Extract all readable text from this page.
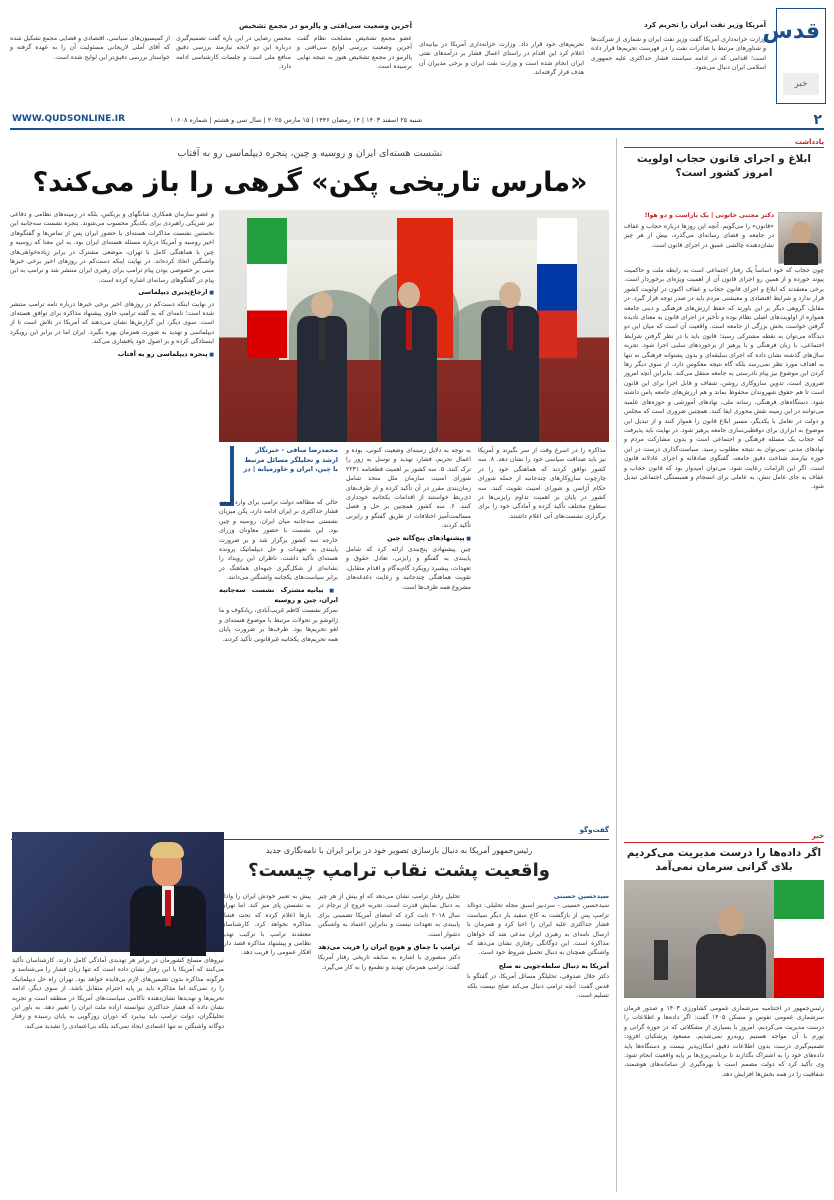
قدس
خبر
آمریکا وزیر نفت ایران را تحریم کرد

وزارت خزانه‌داری آمریکا گفت وزیر نفت ایران و شماری از شرکت‌ها و شناورهای مرتبط با صادرات نفت را در فهرست تحریم‌ها قرار داده است؛ اقدامی که در ادامه سیاست فشار حداکثری علیه جمهوری اسلامی ایران دنبال می‌شود.

تحریم‌های خود قرار داد. وزارت خزانه‌داری آمریکا در بیانیه‌ای اعلام کرد این اقدام در راستای اعمال فشار بر درآمدهای نفتی ایران انجام شده است و وزارت نفت ایران و برخی مدیران آن هدف قرار گرفته‌اند.

آخرین وضعیت سی‌افتی و پالرمو در مجمع تشخیص

عضو مجمع تشخیص مصلحت نظام گفت آخرین وضعیت بررسی لوایح سی‌افتی و پالرمو در مجمع تشخیص هنوز به نتیجه نهایی نرسیده است.

محسن رضایی در این باره گفت تصمیم‌گیری درباره این دو لایحه نیازمند بررسی دقیق منافع ملی است و جلسات کارشناسی ادامه دارد.

از کمیسیون‌های سیاسی، اقتصادی و قضایی مجمع تشکیل شده که آقای آملی لاریجانی مسئولیت آن را به عهده گرفته و خواستار بررسی دقیق‌تر این لوایح شده است.

۲
شنبه ۲۵ اسفند ۱۴۰۳ | ۱۴ رمضان ۱۴۴۶ | ۱۵ مارس ۲۰۲۵ | سال سی و هشتم | شماره ۱۰۶۰۸
WWW.QUDSONLINE.IR
یادداشت
ابلاغ و اجرای قانون حجاب اولویت امروز کشور است؟
دکتر مجتبی خاتونی | یک باراست و دو هوا!
«قانون» را می‌گویم. آنچه این روزها درباره حجاب و عفاف در جامعه و فضای رسانه‌ای می‌گذرد، بیش از هر چیز نشان‌دهنده چالشی عمیق در اجرای قانون است.
چون حجاب که خود اساساً یک رفتار اجتماعی است به رابطه ملت و حاکمیت پیوند خورده و از همین رو اجرای قانون آن از اهمیت ویژه‌ای برخوردار است. برخی معتقدند که ابلاغ و اجرای قانون حجاب و عفاف اکنون در اولویت کشور قرار ندارد و شرایط اقتصادی و معیشتی مردم باید در صدر توجه قرار گیرد. در مقابل، گروهی دیگر بر این باورند که حفظ ارزش‌های فرهنگی و دینی جامعه همواره از اولویت‌های اصلی نظام بوده و تأخیر در اجرای قانون به معنای نادیده گرفتن خواست بخش بزرگی از جامعه است. واقعیت آن است که میان این دو دیدگاه می‌توان به نقطه مشترکی رسید؛ قانون باید با در نظر گرفتن شرایط اجتماعی، با زبان فرهنگی و با پرهیز از برخوردهای سلبی اجرا شود. تجربه سال‌های گذشته نشان داده که اجرای سلیقه‌ای و بدون پشتوانه فرهنگی نه تنها به اهداف مورد نظر نمی‌رسد بلکه گاه نتیجه معکوس دارد. از سوی دیگر رها کردن این موضوع نیز پیام نادرستی به جامعه منتقل می‌کند. بنابراین آنچه امروز ضروری است، تدوین سازوکاری روشن، شفاف و قابل اجرا برای این قانون است تا هم حقوق شهروندان محفوظ بماند و هم ارزش‌های جامعه پاس داشته شود. دستگاه‌های فرهنگی، رسانه ملی، نهادهای آموزشی و حوزه‌های علمیه می‌توانند در این زمینه نقش محوری ایفا کنند. همچنین ضروری است که مجلس و دولت در تعامل با یکدیگر، مسیر ابلاغ قانون را هموار کنند و از تبدیل این موضوع به ابزاری برای دوقطبی‌سازی جامعه پرهیز شود. در نهایت باید پذیرفت که حجاب یک مسئله فرهنگی و اجتماعی است و بدون مشارکت مردم و نهادهای مدنی نمی‌توان به نتیجه مطلوب رسید. سیاست‌گذاری درست در این حوزه نیازمند شناخت دقیق جامعه، گفتگوی صادقانه و اجرای عادلانه قانون است. اگر این الزامات رعایت شود، می‌توان امیدوار بود که قانون حجاب و عفاف به جای عامل تنش، به عاملی برای انسجام و همبستگی اجتماعی تبدیل شود.
خبر
اگر داده‌ها را درست مدیریت می‌کردیم بلای گرانی سرمان نمی‌آمد
رئیس‌جمهور در اختتامیه سرشماری عمومی کشاورزی ۱۴۰۳ و صدور فرمان سرشماری عمومی نفوس و مسکن ۱۴۰۵ گفت: اگر داده‌ها و اطلاعات را درست مدیریت می‌کردیم، امروز با بسیاری از مشکلاتی که در حوزه گرانی و تورم با آن مواجه هستیم روبه‌رو نمی‌شدیم. مسعود پزشکیان افزود: تصمیم‌گیری درست بدون اطلاعات دقیق امکان‌پذیر نیست و دستگاه‌ها باید داده‌های خود را به اشتراک بگذارند تا برنامه‌ریزی‌ها بر پایه واقعیت انجام شود. وی تأکید کرد که دولت مصمم است با بهره‌گیری از سامانه‌های هوشمند، شفافیت را در همه بخش‌ها افزایش دهد.
نشست هسته‌ای ایران و روسیه و چین، پنجره دیپلماسی رو به آفتاب
«مارس تاریخی پکن» گرهی را باز می‌کند؟

و عضو سازمان همکاری شانگهای و بریکس، بلکه در زمینه‌های نظامی و دفاعی نیز شریکی راهبردی برای یکدیگر محسوب می‌شوند. پنجره نشست سه‌جانبه این نخستین نشست مذاکرات هسته‌ای با حضور ایران پس از تماس‌ها و گفتگوهای اخیر روسیه و آمریکا درباره مسئله هسته‌ای ایران بود. به این معنا که روسیه و چین با هماهنگی کامل با تهران، موضعی مشترک در برابر زیاده‌خواهی‌های واشنگتن اتخاذ کرده‌اند. در نهایت اینکه دست‌کم در روزهای اخیر برخی خبرها مبنی بر خصوصی بودن پیام ترامپ برای رهبری ایران منتشر شد و ترامپ به این پیام در گفتگوهای رسانه‌ای اشاره کرده است.

■ ارجاع‌پذیری دیپلماسی

در نهایت اینکه دست‌کم در روزهای اخیر برخی خبرها درباره نامه ترامپ منتشر شده است؛ نامه‌ای که به گفته ترامپ حاوی پیشنهاد مذاکره برای توافق هسته‌ای است. سوی دیگر، این گزارش‌ها نشان می‌دهند که آمریکا در تلاش است تا از دیپلماسی و تهدید به صورت همزمان بهره بگیرد. ایران اما در برابر این رویکرد ایستادگی کرده و بر اصول خود پافشاری می‌کند.

■ پنجره دیپلماسی رو به آفتاب

محمدرضا منافی - خبرنگار ارشد و تحلیلگر مسائل مرتبط با چین، ایران و خاورمیانه | در

حالی که مطالعه دولت ترامپ برای وارد کردن فشار حداکثری بر ایران ادامه دارد، پکن میزبان نشستی سه‌جانبه میان ایران، روسیه و چین بود. این نشست با حضور معاونان وزرای خارجه سه کشور برگزار شد و بر ضرورت پایبندی به تعهدات و حل دیپلماتیک پرونده هسته‌ای تأکید داشت. ناظران این رویداد را نشانه‌ای از شکل‌گیری جبهه‌ای هماهنگ در برابر سیاست‌های یکجانبه واشنگتن می‌دانند.

■ بیانیه مشترک نشست سه‌جانبه ایران، چین و روسیه

نمرکز نشست کاظم غریب‌آبادی، ریابکوف و ما ژائوشو بر تحولات مرتبط با موضوع هسته‌ای و لغو تحریم‌ها بود. طرف‌ها بر ضرورت پایان همه تحریم‌های یکجانبه غیرقانونی تأکید کردند.

به توجه به دلایل زمینه‌ای وضعیت کنونی، بوده و اعمال تحریم، فشار، تهدید و توسل به زور را ترک کنند. ۵. سه کشور بر اهمیت قطعنامه ۲۲۳۱ شورای امنیت سازمان ملل متحد شامل زمان‌بندی مقرر در آن تأکید کرده و از طرف‌های ذی‌ربط خواستند از اقدامات یکجانبه خودداری کنند. ۶. سه کشور همچنین بر حل و فصل مسالمت‌آمیز اختلافات از طریق گفتگو و رایزنی تأکید کردند.

■ پیشنهادهای پنج‌گانه چین

چین پیشنهادی پنج‌بندی ارائه کرد که شامل پایبندی به گفتگو و رایزنی، تعادل حقوق و تعهدات، پیشبرد رویکرد گام‌به‌گام و اقدام متقابل، تقویت هماهنگی چندجانبه و رعایت دغدغه‌های مشروع همه طرف‌ها است.

مذاکره را در اسرع وقت از سر بگیرند و آمریکا نیز باید صداقت سیاسی خود را نشان دهد. ۸. سه کشور توافق کردند که هماهنگی خود را در چارچوب سازوکارهای چندجانبه از جمله شورای حکام آژانس و شورای امنیت تقویت کنند. سه کشور در پایان بر اهمیت تداوم رایزنی‌ها در سطوح مختلف تأکید کرده و آمادگی خود را برای برگزاری نشست‌های آتی اعلام داشتند.

گفت‌وگو
رئیس‌جمهور آمریکا به دنبال بازسازی تصویر خود در برابر ایران با نامه‌نگاری جدید
واقعیت پشت نقاب ترامپ چیست؟

سید‌حسین حسینی

سید‌حسین حسینی - سردبیر اسبق مجله تحلیلی: دونالد ترامپ پس از بازگشت به کاخ سفید بار دیگر سیاست فشار حداکثری علیه ایران را احیا کرد و همزمان با ارسال نامه‌ای به رهبری ایران مدعی شد که خواهان مذاکره است. این دوگانگی رفتاری نشان می‌دهد که واشنگتن همچنان به دنبال تحمیل شروط خود است.

آمریکا به دنبال سلطه‌جویی نه صلح

دکتر جلال صدوقی، تحلیلگر مسائل آمریکا، در گفتگو با قدس گفت: آنچه ترامپ دنبال می‌کند صلح نیست بلکه تسلیم است.

تحلیل رفتار ترامپ نشان می‌دهد که او بیش از هر چیز به دنبال نمایش قدرت است. تجربه خروج از برجام در سال ۲۰۱۸ ثابت کرد که امضای آمریکا تضمینی برای پایبندی به تعهدات نیست و بنابراین اعتماد به واشنگتن دشوار است.

ترامپ با چماق و هویج ایران را فریب می‌دهد

دکتر منصوری با اشاره به سابقه تاریخی رفتار آمریکا گفت: ترامپ همزمان تهدید و تطمیع را به کار می‌گیرد.

پیش به تعبیر خودش ایران را وادار به نشستن پای میز کند. اما تهران بارها اعلام کرده که تحت فشار مذاکره نخواهد کرد. کارشناسان معتقدند ترامپ با ترکیب تهدید نظامی و پیشنهاد مذاکره قصد دارد افکار عمومی را فریب دهد.

نیروهای مسلح کشورمان در برابر هر تهدیدی آمادگی کامل دارند. کارشناسان تأکید می‌کنند که آمریکا با این رفتار نشان داده است که تنها زبان فشار را می‌شناسد و هرگونه مذاکره بدون تضمین‌های لازم بی‌فایده خواهد بود. تهران راه حل دیپلماتیک را رد نمی‌کند اما مذاکره باید بر پایه احترام متقابل باشد. از سوی دیگر، ادامه تحریم‌ها و تهدیدها نشان‌دهنده ناکامی سیاست‌های آمریکا در منطقه است و تجربه نشان داده که فشار حداکثری نتوانسته اراده ملت ایران را تغییر دهد. به باور این تحلیلگران، دولت ترامپ باید بپذیرد که دوران زورگویی به پایان رسیده و رفتار دوگانه واشنگتن نه تنها اعتمادی ایجاد نمی‌کند بلکه بی‌اعتمادی را تشدید می‌کند.
